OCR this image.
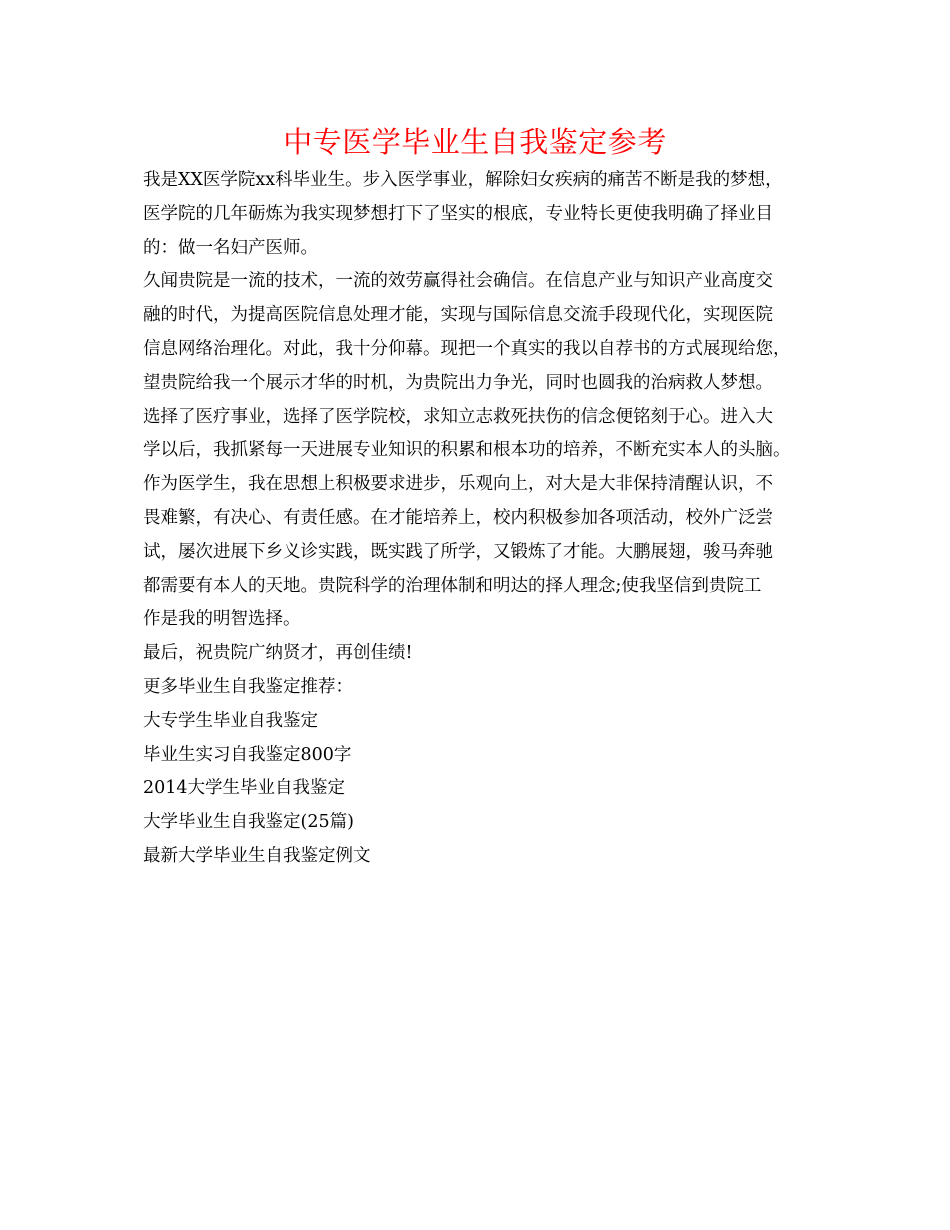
中专医学毕业生自我鉴定参考
我是XX医学院xx科毕业生。步入医学事业，解除妇女疾病的痛苦不断是我的梦想，
医学院的几年砺炼为我实现梦想打下了坚实的根底，专业特长更使我明确了择业目
的：做一名妇产医师。
久闻贵院是一流的技术，一流的效劳赢得社会确信。在信息产业与知识产业高度交
融的时代，为提高医院信息处理才能，实现与国际信息交流手段现代化，实现医院
信息网络治理化。对此，我十分仰幕。现把一个真实的我以自荐书的方式展现给您，
望贵院给我一个展示才华的时机，为贵院出力争光，同时也圆我的治病救人梦想。
选择了医疗事业，选择了医学院校，求知立志救死扶伤的信念便铭刻于心。进入大
学以后，我抓紧每一天进展专业知识的积累和根本功的培养，不断充实本人的头脑。
作为医学生，我在思想上积极要求进步，乐观向上，对大是大非保持清醒认识，不
畏难繁，有决心、有责任感。在才能培养上，校内积极参加各项活动，校外广泛尝
试，屡次进展下乡义诊实践，既实践了所学，又锻炼了才能。大鹏展翅，骏马奔驰
都需要有本人的天地。贵院科学的治理体制和明达的择人理念;使我坚信到贵院工
作是我的明智选择。
最后，祝贵院广纳贤才，再创佳绩!
更多毕业生自我鉴定推荐：
大专学生毕业自我鉴定
毕业生实习自我鉴定800字
2014大学生毕业自我鉴定
大学毕业生自我鉴定(25篇)
最新大学毕业生自我鉴定例文
